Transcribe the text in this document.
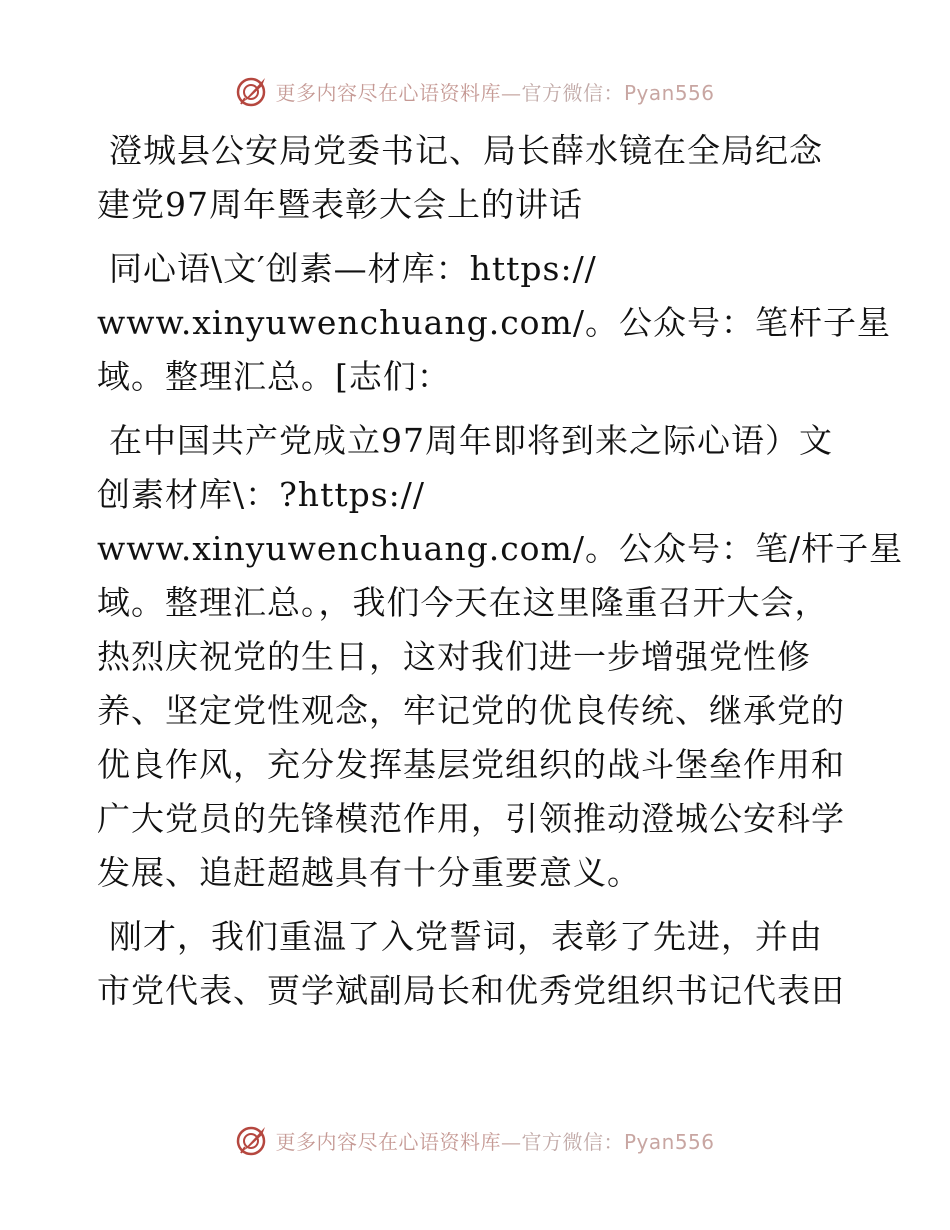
更多内容尽在心语资料库—官方微信：Pyan556
澄城县公安局党委书记、局长薛水镜在全局纪念
建党97周年暨表彰大会上的讲话
同心语\文′创素—材库：https://
www.xinyuwenchuang.com/。公众号：笔杆子星
域。整理汇总。[志们：
在中国共产党成立97周年即将到来之际心语）文
创素材库\：?https://
www.xinyuwenchuang.com/。公众号：笔/杆子星
域。整理汇总。，我们今天在这里隆重召开大会，
热烈庆祝党的生日，这对我们进一步增强党性修
养、坚定党性观念，牢记党的优良传统、继承党的
优良作风，充分发挥基层党组织的战斗堡垒作用和
广大党员的先锋模范作用，引领推动澄城公安科学
发展、追赶超越具有十分重要意义。
刚才，我们重温了入党誓词，表彰了先进，并由
市党代表、贾学斌副局长和优秀党组织书记代表田
更多内容尽在心语资料库—官方微信：Pyan556
